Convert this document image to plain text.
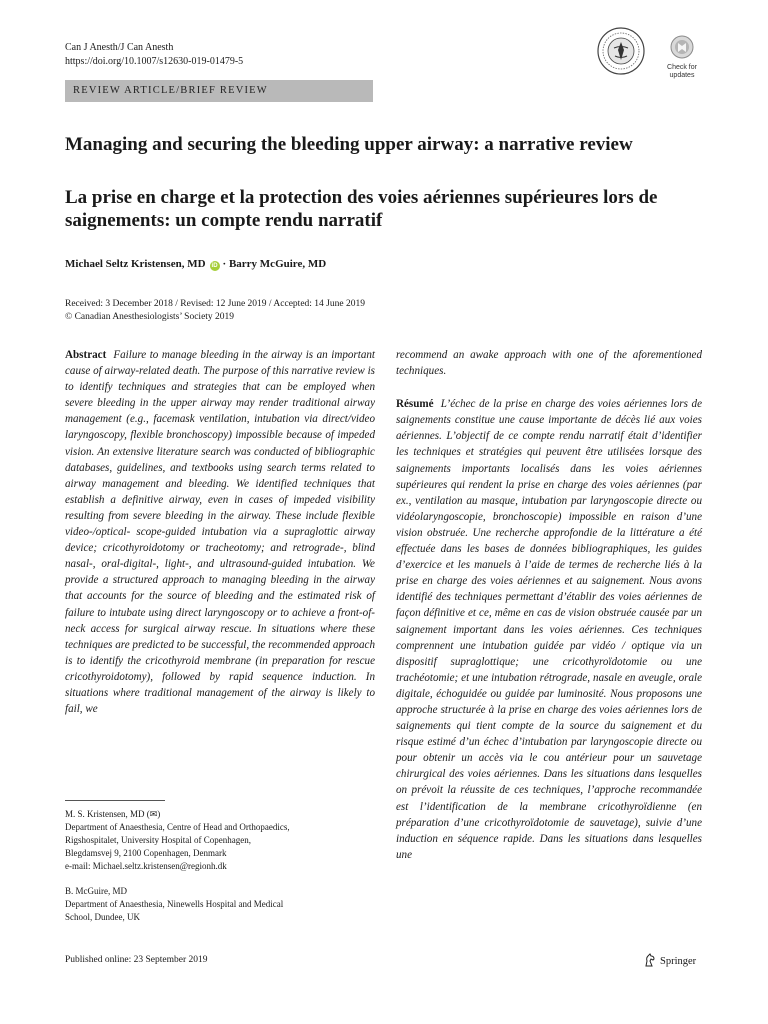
Can J Anesth/J Can Anesth
https://doi.org/10.1007/s12630-019-01479-5
Check for
updates
REVIEW ARTICLE/BRIEF REVIEW
Managing and securing the bleeding upper airway: a narrative review
La prise en charge et la protection des voies aériennes supérieures lors de saignements: un compte rendu narratif
Michael Seltz Kristensen, MD iD · Barry McGuire, MD
Received: 3 December 2018 / Revised: 12 June 2019 / Accepted: 14 June 2019
© Canadian Anesthesiologists’ Society 2019

Abstract Failure to manage bleeding in the airway is an important cause of airway-related death. The purpose of this narrative review is to identify techniques and strategies that can be employed when severe bleeding in the upper airway may render traditional airway management (e.g., facemask ventilation, intubation via direct/video laryngoscopy, flexible bronchoscopy) impossible because of impeded vision. An extensive literature search was conducted of bibliographic databases, guidelines, and textbooks using search terms related to airway management and bleeding. We identified techniques that establish a definitive airway, even in cases of impeded visibility resulting from severe bleeding in the airway. These include flexible video-/optical- scope-guided intubation via a supraglottic airway device; cricothyroidotomy or tracheotomy; and retrograde-, blind nasal-, oral-digital-, light-, and ultrasound-guided intubation. We provide a structured approach to managing bleeding in the airway that accounts for the source of bleeding and the estimated risk of failure to intubate using direct laryngoscopy or to achieve a front-of-neck access for surgical airway rescue. In situations where these techniques are predicted to be successful, the recommended approach is to identify the cricothyroid membrane (in preparation for rescue cricothyroidotomy), followed by rapid sequence induction. In situations where traditional management of the airway is likely to fail, we

recommend an awake approach with one of the aforementioned techniques.

Résumé L’échec de la prise en charge des voies aériennes lors de saignements constitue une cause importante de décès lié aux voies aériennes. L’objectif de ce compte rendu narratif était d’identifier les techniques et stratégies qui peuvent être utilisées lorsque des saignements importants localisés dans les voies aériennes supérieures qui rendent la prise en charge des voies aériennes (par ex., ventilation au masque, intubation par laryngoscopie directe ou vidéolaryngoscopie, bronchoscopie) impossible en raison d’une vision obstruée. Une recherche approfondie de la littérature a été effectuée dans les bases de données bibliographiques, les guides d’exercice et les manuels à l’aide de termes de recherche liés à la prise en charge des voies aériennes et au saignement. Nous avons identifié des techniques permettant d’établir des voies aériennes de façon définitive et ce, même en cas de vision obstruée causée par un saignement important dans les voies aériennes. Ces techniques comprennent une intubation guidée par vidéo / optique via un dispositif supraglottique; une cricothyroïdotomie ou une trachéotomie; et une intubation rétrograde, nasale en aveugle, orale digitale, échoguidée ou guidée par luminosité. Nous proposons une approche structurée à la prise en charge des voies aériennes lors de saignements qui tient compte de la source du saignement et du risque estimé d’un échec d’intubation par laryngoscopie directe ou pour obtenir un accès via le cou antérieur pour un sauvetage chirurgical des voies aériennes. Dans les situations dans lesquelles on prévoit la réussite de ces techniques, l’approche recommandée est l’identification de la membrane cricothyroïdienne (en préparation d’une cricothyroïdotomie de sauvetage), suivie d’une induction en séquence rapide. Dans les situations dans lesquelles une

M. S. Kristensen, MD (✉)
Department of Anaesthesia, Centre of Head and Orthopaedics,
Rigshospitalet, University Hospital of Copenhagen,
Blegdamsvej 9, 2100 Copenhagen, Denmark
e-mail: Michael.seltz.kristensen@regionh.dk
B. McGuire, MD
Department of Anaesthesia, Ninewells Hospital and Medical
School, Dundee, UK
Published online: 23 September 2019	Springer
